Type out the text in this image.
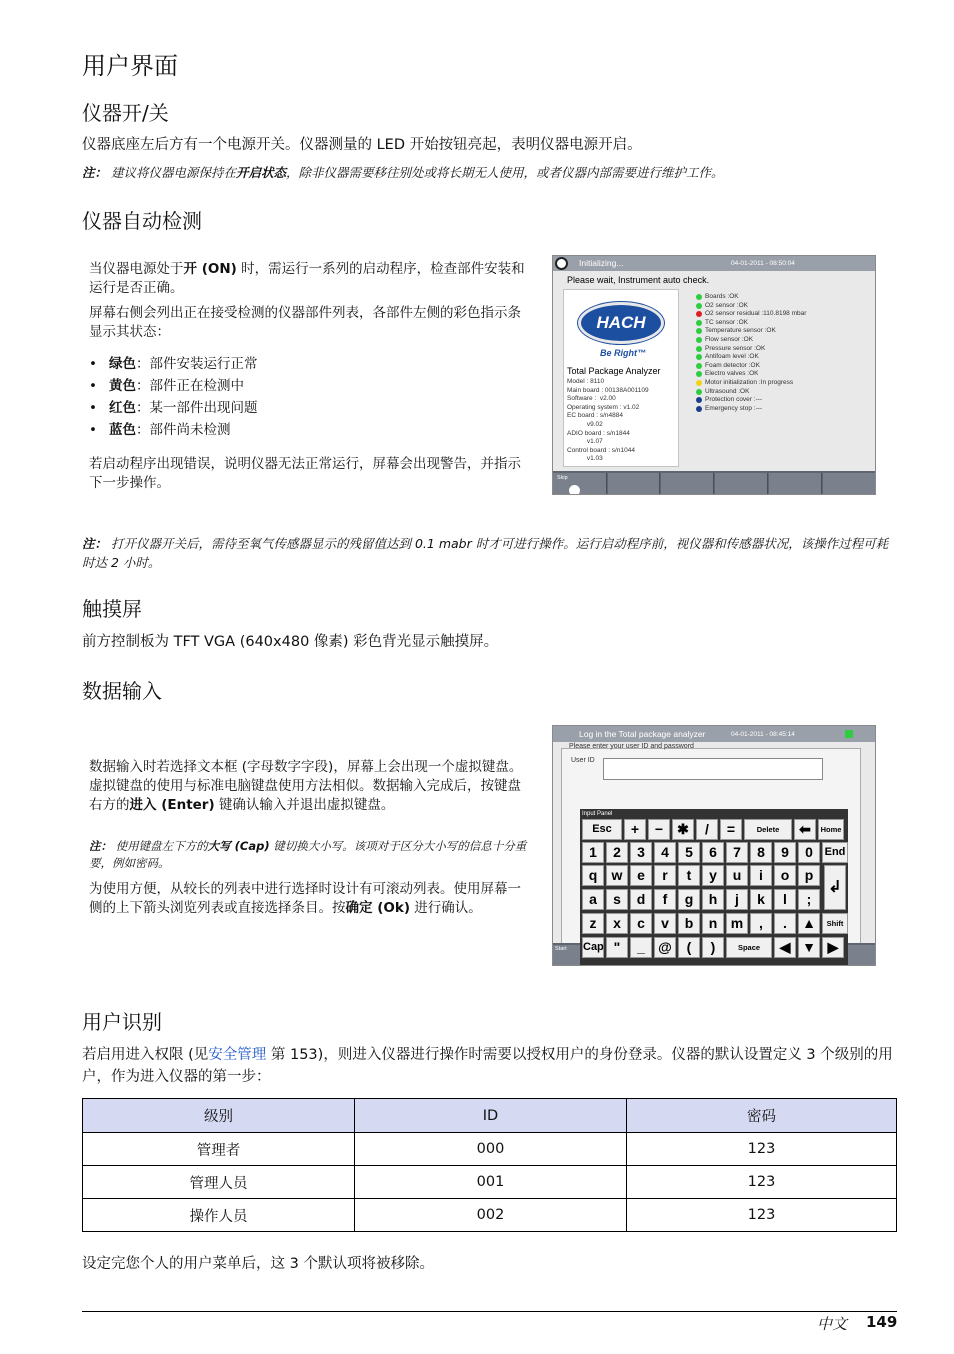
用户界面
仪器开/关
仪器底座左后方有一个电源开关。仪器测量的 LED 开始按钮亮起，表明仪器电源开启。
注： 建议将仪器电源保持在开启状态，除非仪器需要移往别处或将长期无人使用，或者仪器内部需要进行维护工作。
仪器自动检测
当仪器电源处于开 (ON) 时，需运行一系列的启动程序，检查部件安装和运行是否正确。
屏幕右侧会列出正在接受检测的仪器部件列表，各部件左侧的彩色指示条显示其状态：
• 绿色：部件安装运行正常
• 黄色：部件正在检测中
• 红色：某一部件出现问题
• 蓝色：部件尚未检测
若启动程序出现错误，说明仪器无法正常运行，屏幕会出现警告，并指示下一步操作。
Initializing...	04-01-2011 - 08:50:04
Please wait, Instrument auto check.
HACH
Be Right™
Total Package Analyzer
Model : 8110
Main board : 00138A001109
Software :  v2.00
Operating system : v1.02
EC board : s/n4884
v9.02
ADIO board : s/n1844
v1.07
Control board : s/n1044
v1.03
Boards :OK
O2 sensor :OK
O2 sensor residual :110.8198 mbar
TC sensor :OK
Temperature sensor :OK
Flow sensor :OK
Pressure sensor :OK
Antifoam level :OK
Foam detector :OK
Electro valves :OK
Motor initialization :In progress
Ultrasound :OK
Protection cover :---
Emergency stop :---
Skip
注： 打开仪器开关后，需待至氧气传感器显示的残留值达到 0.1 mabr 时才可进行操作。运行启动程序前，视仪器和传感器状况，该操作过程可耗时达 2 小时。
触摸屏
前方控制板为 TFT VGA (640x480 像素) 彩色背光显示触摸屏。
数据输入
数据输入时若选择文本框 (字母数字字段)，屏幕上会出现一个虚拟键盘。虚拟键盘的使用与标准电脑键盘使用方法相似。数据输入完成后，按键盘右方的进入 (Enter) 键确认输入并退出虚拟键盘。
注： 使用键盘左下方的大写 (Cap) 键切换大小写。该项对于区分大小写的信息十分重要，例如密码。
为使用方便，从较长的列表中进行选择时设计有可滚动列表。使用屏幕一侧的上下箭头浏览列表或直接选择条目。按确定 (Ok) 进行确认。
Log in the Total package analyzer	04-01-2011 - 08:45:14
Please enter your user ID and password
User ID
Start
Input Panel
Esc	+	−	✱	/	=	Delete	⬅	Home
1	2	3	4	5	6	7	8	9	0	End
q	w	e	r	t	y	u	i	o	p
a	s	d	f	g	h	j	k	l	;
z	x	c	v	b	n m	,	.	▲	Shift
Cap "	_ @	(	)	Space	◀ ▼ ▶
↲
用户识别
若启用进入权限 (见安全管理 第 153)，则进入仪器进行操作时需要以授权用户的身份登录。仪器的默认设置定义 3 个级别的用户，作为进入仪器的第一步：
级别	ID	密码
管理者	000	123
管理人员	001	123
操作人员	002	123
设定完您个人的用户菜单后，这 3 个默认项将被移除。
中文 149
